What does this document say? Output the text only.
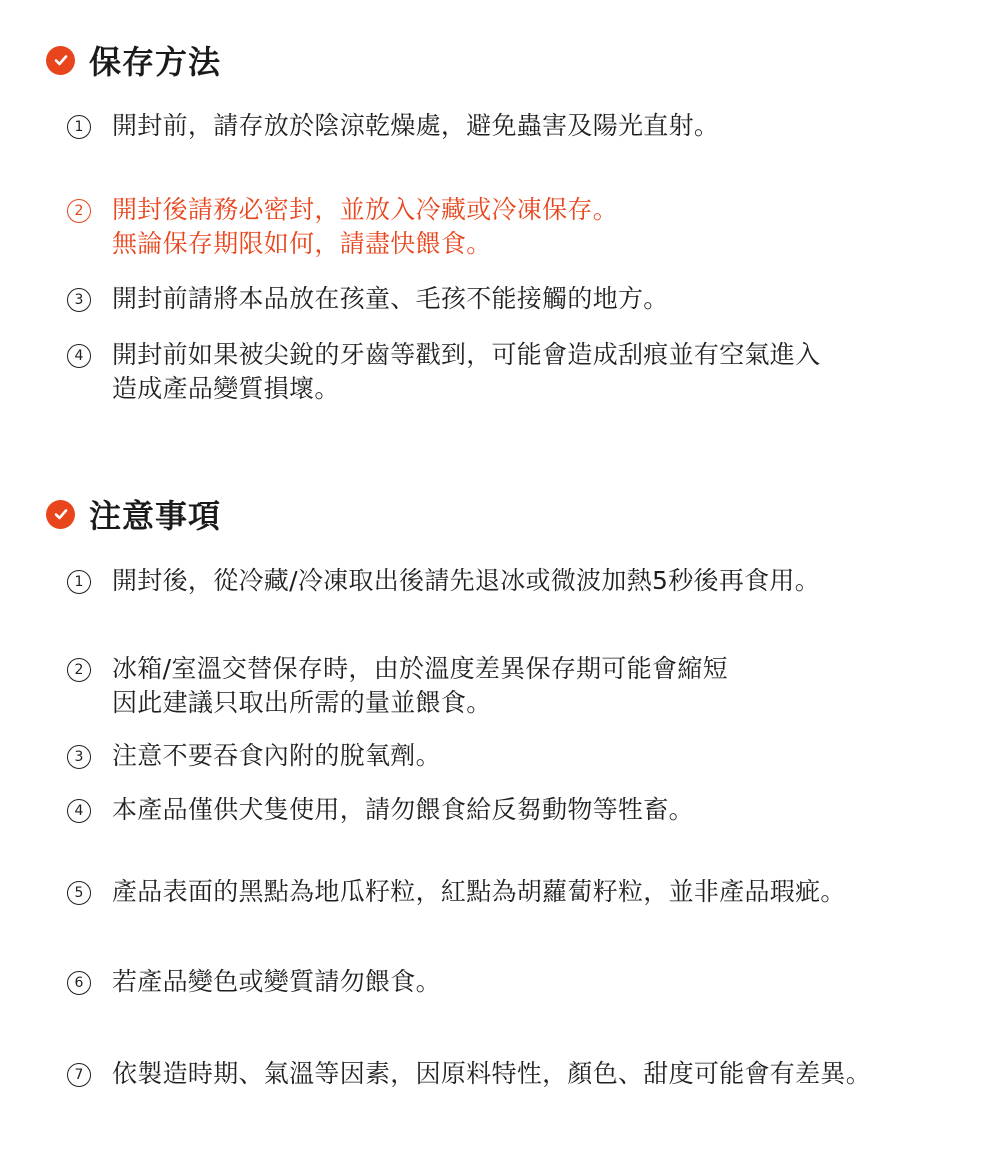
保存方法
1	開封前，請存放於陰涼乾燥處，避免蟲害及陽光直射。
2	開封後請務必密封，並放入冷藏或冷凍保存。
無論保存期限如何，請盡快餵食。
3	開封前請將本品放在孩童、毛孩不能接觸的地方。
4	開封前如果被尖銳的牙齒等戳到，可能會造成刮痕並有空氣進入
造成產品變質損壞。
注意事項
1	開封後，從冷藏/冷凍取出後請先退冰或微波加熱5秒後再食用。
2	冰箱/室溫交替保存時，由於溫度差異保存期可能會縮短
因此建議只取出所需的量並餵食。
3	注意不要吞食內附的脫氧劑。
4	本產品僅供犬隻使用，請勿餵食給反芻動物等牲畜。
5	產品表面的黑點為地瓜籽粒，紅點為胡蘿蔔籽粒，並非產品瑕疵。
6	若產品變色或變質請勿餵食。
7	依製造時期、氣溫等因素，因原料特性，顏色、甜度可能會有差異。
